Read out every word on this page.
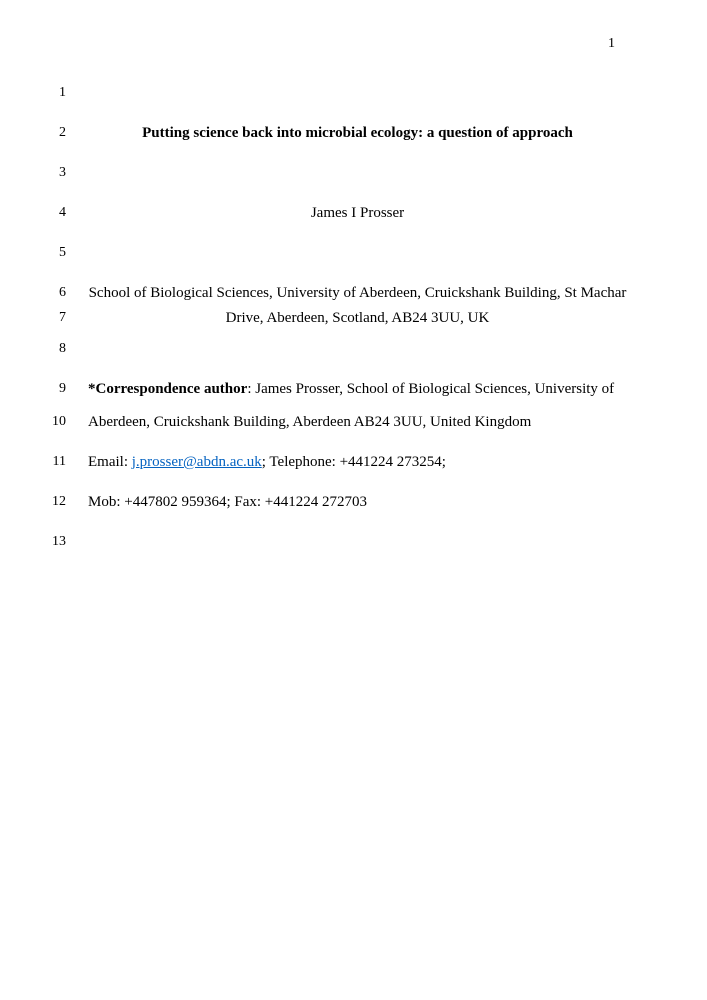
1
1
2	Putting science back into microbial ecology: a question of approach
3
4	James I Prosser
5
6 School of Biological Sciences, University of Aberdeen, Cruickshank Building, St Machar
7	Drive, Aberdeen, Scotland, AB24 3UU, UK
8
9 *Correspondence author: James Prosser, School of Biological Sciences, University of
10 Aberdeen, Cruickshank Building, Aberdeen AB24 3UU, United Kingdom
11 Email: j.prosser@abdn.ac.uk; Telephone: +441224 273254;
12 Mob: +447802 959364; Fax: +441224 272703
13
